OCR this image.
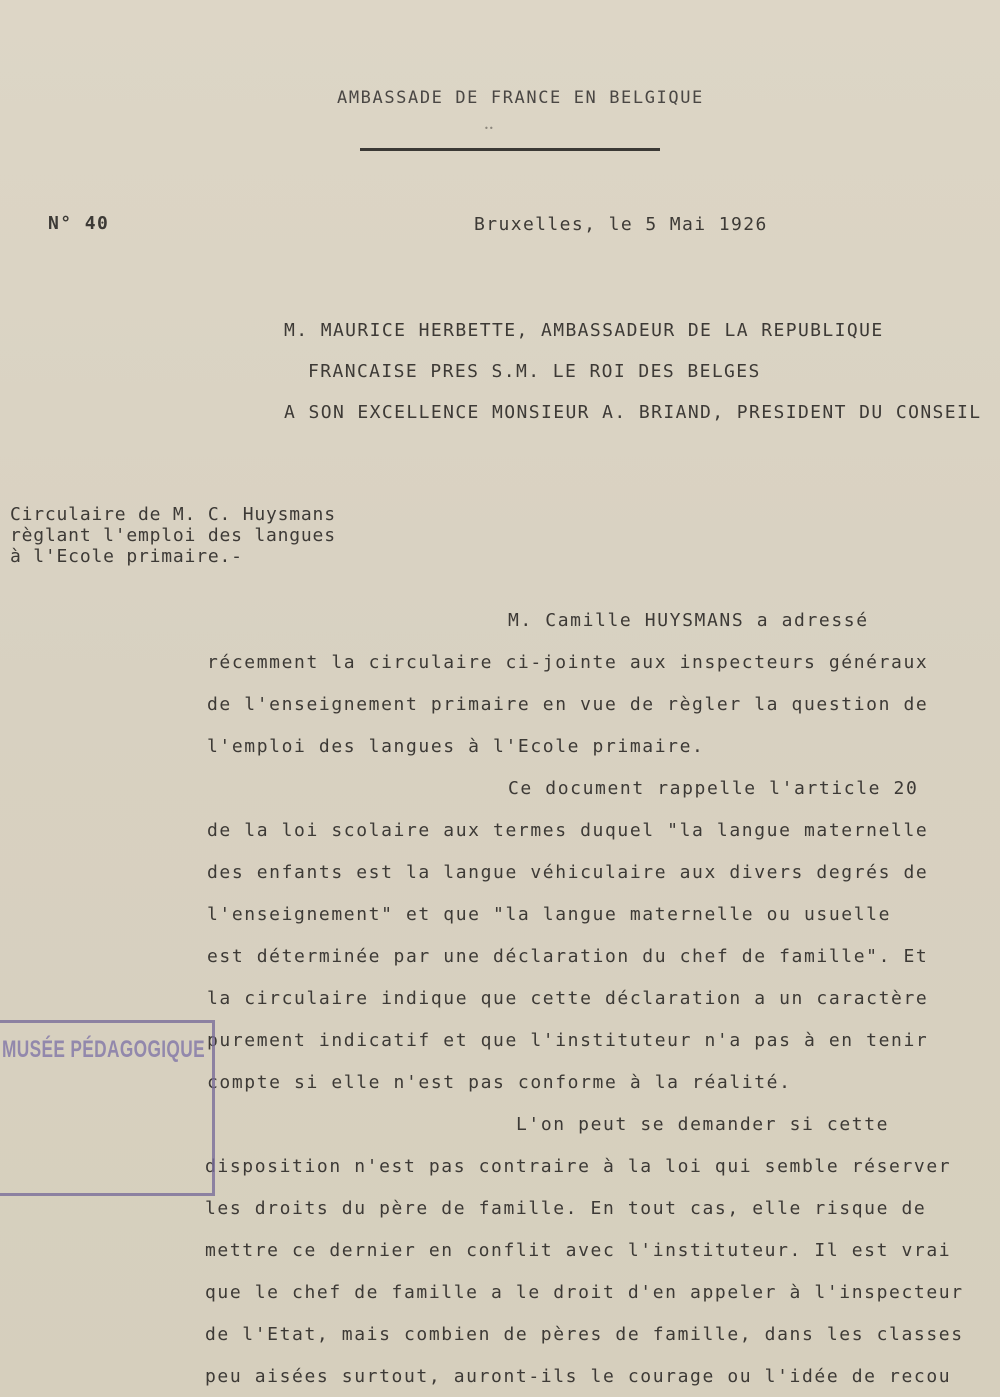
AMBASSADE DE FRANCE EN BELGIQUE
••
N° 40	Bruxelles, le 5 Mai 1926
M. MAURICE HERBETTE, AMBASSADEUR DE LA REPUBLIQUE
FRANCAISE PRES S.M. LE ROI DES BELGES
A SON EXCELLENCE MONSIEUR A. BRIAND, PRESIDENT DU CONSEIL
Circulaire de M. C. Huysmans
règlant l'emploi des langues
à l'Ecole primaire.-
M. Camille HUYSMANS a adressé
récemment la circulaire ci-jointe aux inspecteurs généraux
de l'enseignement primaire en vue de règler la question de
l'emploi des langues à l'Ecole primaire.
Ce document rappelle l'article 20
de la loi scolaire aux termes duquel "la langue maternelle
des enfants est la langue véhiculaire aux divers degrés de
l'enseignement" et que "la langue maternelle ou usuelle
est déterminée par une déclaration du chef de famille". Et
la circulaire indique que cette déclaration a un caractère
purement indicatif et que l'instituteur n'a pas à en tenir
compte si elle n'est pas conforme à la réalité.
L'on peut se demander si cette
disposition n'est pas contraire à la loi qui semble réserver
les droits du père de famille. En tout cas, elle risque de
mettre ce dernier en conflit avec l'instituteur. Il est vrai
que le chef de famille a le droit d'en appeler à l'inspecteur
de l'Etat, mais combien de pères de famille, dans les classes
peu aisées surtout, auront-ils le courage ou l'idée de recou
MUSÉE PÉDAGOGIQUE
